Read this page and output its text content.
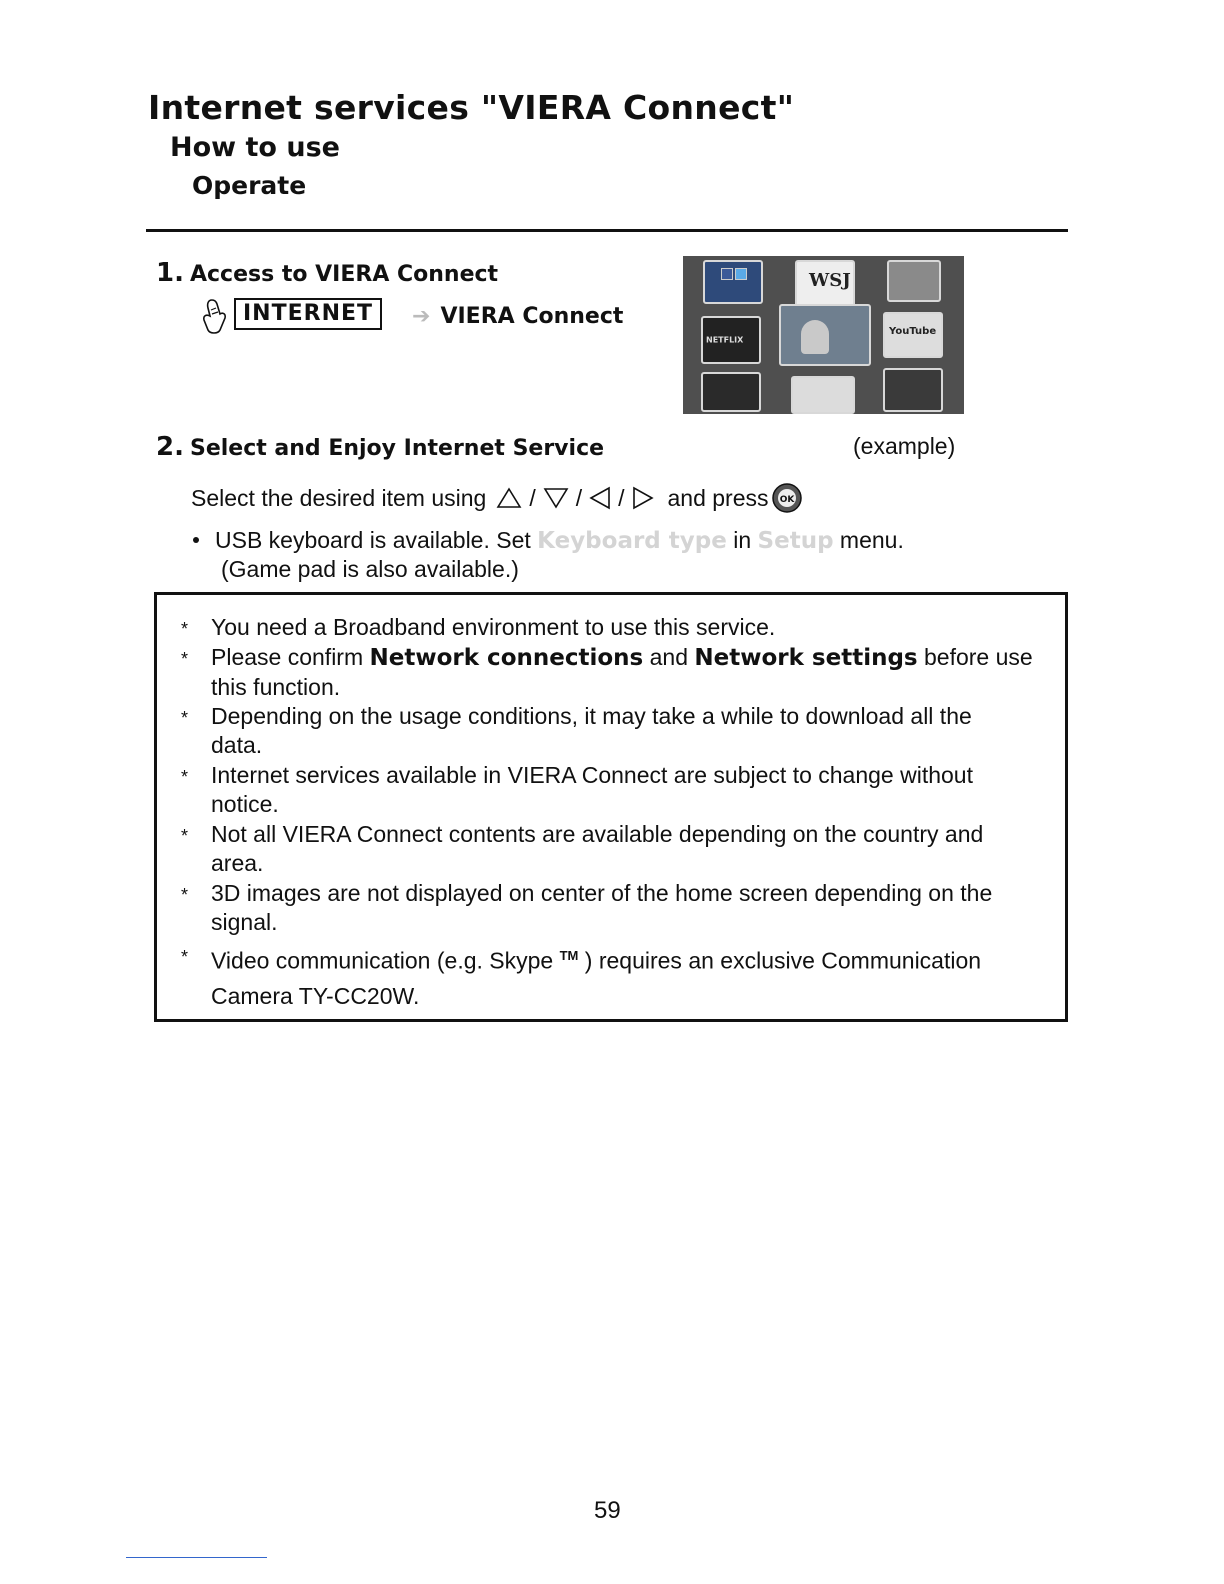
Internet services "VIERA Connect"
How to use
Operate
1. Access to VIERA Connect
INTERNET	➔ VIERA Connect
WSJ
NETFLIX
YouTube
2. Select and Enjoy Internet Service	(example)
Select the desired item using / / / and press OK
USB keyboard is available. Set Keyboard type in Setup menu.
(Game pad is also available.)
* You need a Broadband environment to use this service.
* Please confirm Network connections and Network settings before use
this function.
* Depending on the usage conditions, it may take a while to download all the
data.
* Internet services available in VIERA Connect are subject to change without
notice.
* Not all VIERA Connect contents are available depending on the country and
area.
* 3D images are not displayed on center of the home screen depending on the
signal.
* Video communication (e.g. Skype ™ ) requires an exclusive Communication
Camera TY-CC20W.
59
